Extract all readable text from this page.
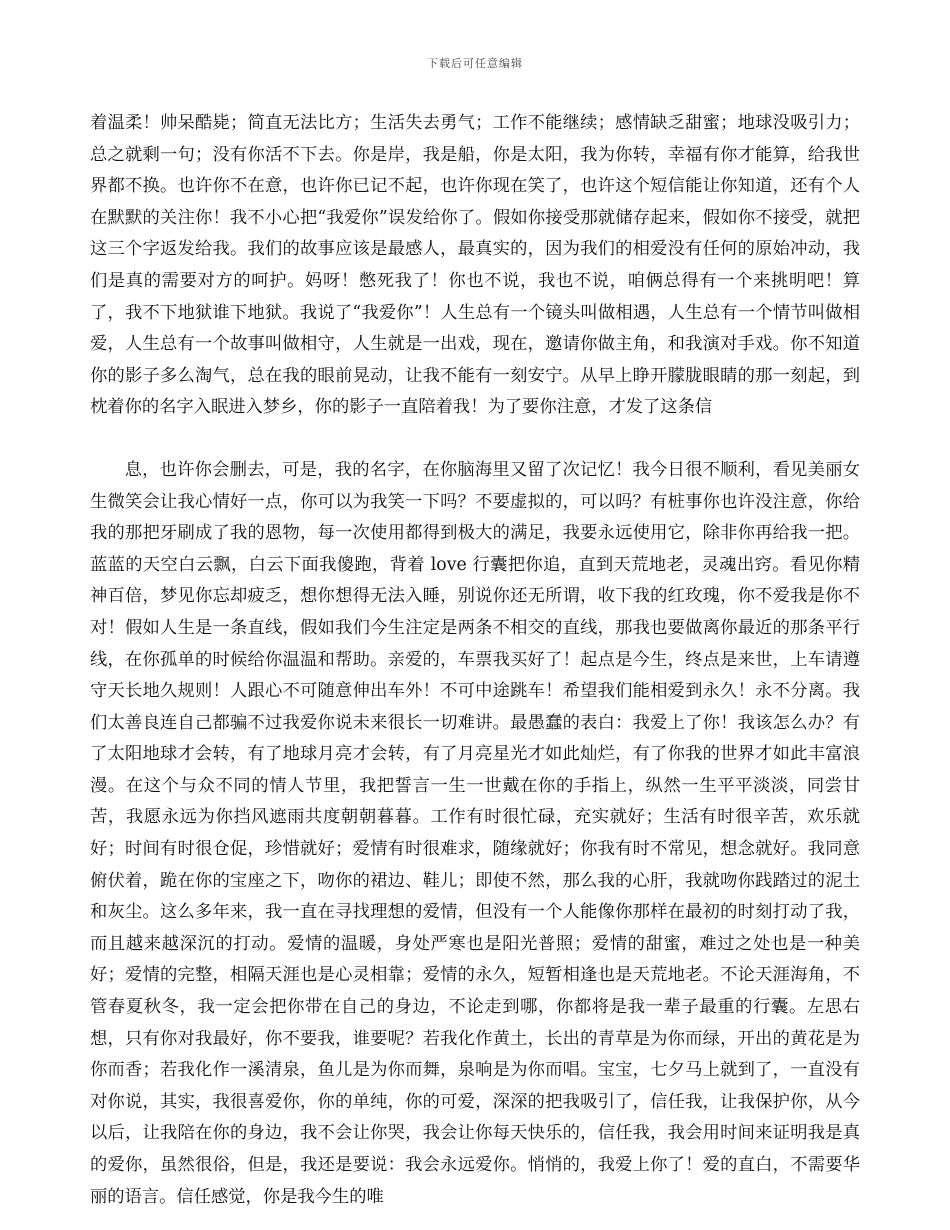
下载后可任意编辑

着温柔！帅呆酷毙；简直无法比方；生活失去勇气；工作不能继续；感情缺乏甜蜜；地球没吸引力；总之就剩一句；没有你活不下去。你是岸，我是船，你是太阳，我为你转，幸福有你才能算，给我世界都不换。也许你不在意，也许你已记不起，也许你现在笑了，也许这个短信能让你知道，还有个人在默默的关注你！我不小心把“我爱你”误发给你了。假如你接受那就储存起来，假如你不接受，就把这三个字返发给我。我们的故事应该是最感人，最真实的，因为我们的相爱没有任何的原始冲动，我们是真的需要对方的呵护。妈呀！憋死我了！你也不说，我也不说，咱俩总得有一个来挑明吧！算了，我不下地狱谁下地狱。我说了“我爱你”！人生总有一个镜头叫做相遇，人生总有一个情节叫做相爱，人生总有一个故事叫做相守，人生就是一出戏，现在，邀请你做主角，和我演对手戏。你不知道你的影子多么淘气，总在我的眼前晃动，让我不能有一刻安宁。从早上睁开朦胧眼睛的那一刻起，到枕着你的名字入眠进入梦乡，你的影子一直陪着我！为了要你注意，才发了这条信

息，也许你会删去，可是，我的名字，在你脑海里又留了次记忆！我今日很不顺利，看见美丽女生微笑会让我心情好一点，你可以为我笑一下吗？不要虚拟的，可以吗？有桩事你也许没注意，你给我的那把牙刷成了我的恩物，每一次使用都得到极大的满足，我要永远使用它，除非你再给我一把。蓝蓝的天空白云飘，白云下面我傻跑，背着 love 行囊把你追，直到天荒地老，灵魂出窍。看见你精神百倍，梦见你忘却疲乏，想你想得无法入睡，别说你还无所谓，收下我的红玫瑰，你不爱我是你不对！假如人生是一条直线，假如我们今生注定是两条不相交的直线，那我也要做离你最近的那条平行线，在你孤单的时候给你温温和帮助。亲爱的，车票我买好了！起点是今生，终点是来世，上车请遵守天长地久规则！人跟心不可随意伸出车外！不可中途跳车！希望我们能相爱到永久！永不分离。我们太善良连自己都骗不过我爱你说未来很长一切难讲。最愚蠢的表白：我爱上了你！我该怎么办？有了太阳地球才会转，有了地球月亮才会转，有了月亮星光才如此灿烂，有了你我的世界才如此丰富浪漫。在这个与众不同的情人节里，我把誓言一生一世戴在你的手指上，纵然一生平平淡淡，同尝甘苦，我愿永远为你挡风遮雨共度朝朝暮暮。工作有时很忙碌，充实就好；生活有时很辛苦，欢乐就好；时间有时很仓促，珍惜就好；爱情有时很难求，随缘就好；你我有时不常见，想念就好。我同意俯伏着，跪在你的宝座之下，吻你的裙边、鞋儿；即使不然，那么我的心肝，我就吻你践踏过的泥土和灰尘。这么多年来，我一直在寻找理想的爱情，但没有一个人能像你那样在最初的时刻打动了我，而且越来越深沉的打动。爱情的温暖，身处严寒也是阳光普照；爱情的甜蜜，难过之处也是一种美好；爱情的完整，相隔天涯也是心灵相靠；爱情的永久，短暂相逢也是天荒地老。不论天涯海角，不管春夏秋冬，我一定会把你带在自己的身边，不论走到哪，你都将是我一辈子最重的行囊。左思右想，只有你对我最好，你不要我，谁要呢？若我化作黄土，长出的青草是为你而绿，开出的黄花是为你而香；若我化作一溪清泉，鱼儿是为你而舞，泉响是为你而唱。宝宝，七夕马上就到了，一直没有对你说，其实，我很喜爱你，你的单纯，你的可爱，深深的把我吸引了，信任我，让我保护你，从今以后，让我陪在你的身边，我不会让你哭，我会让你每天快乐的，信任我，我会用时间来证明我是真的爱你，虽然很俗，但是，我还是要说：我会永远爱你。悄悄的，我爱上你了！爱的直白，不需要华丽的语言。信任感觉，你是我今生的唯
